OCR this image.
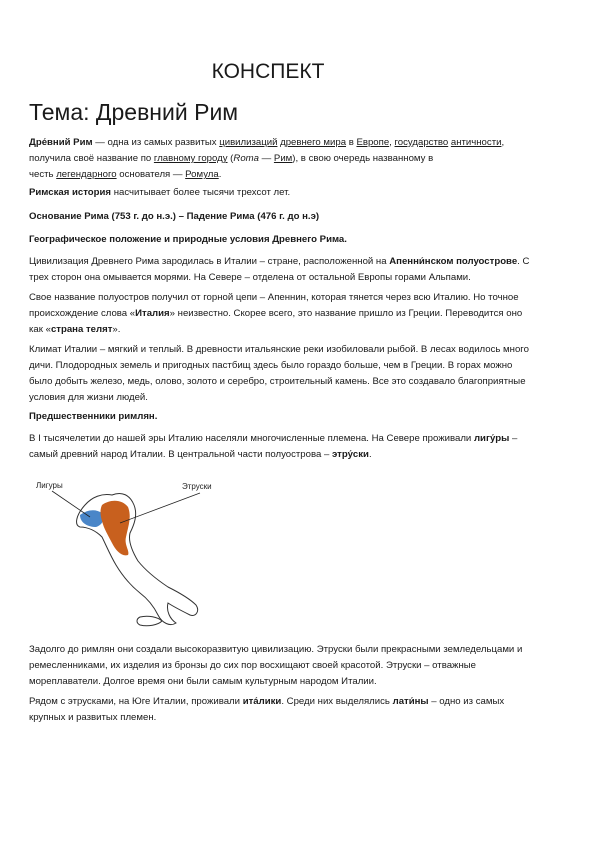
КОНСПЕКТ
Тема: Древний Рим
Дре́вний Рим — одна из самых развитых цивилизаций древнего мира в Европе, государство античности,
получила своё название по главному городу (Roma — Рим), в свою очередь названному в
честь легендарного основателя — Ромула.
Римская история насчитывает более тысячи трехсот лет.
Основание Рима (753 г. до н.э.) – Падение Рима (476 г. до н.э)
Географическое положение и природные условия Древнего Рима.
Цивилизация Древнего Рима зародилась в Италии – стране, расположенной на Апенни́нском полуострове. С
трех сторон она омывается морями. На Севере – отделена от остальной Европы горами Альпами.
Свое название полуостров получил от горной цепи – Апеннин, которая тянется через всю Италию. Но точное
происхождение слова «Италия» неизвестно. Скорее всего, это название пришло из Греции. Переводится оно
как «страна телят».
Климат Италии – мягкий и теплый. В древности итальянские реки изобиловали рыбой. В лесах водилось много
дичи. Плодородных земель и пригодных пастбищ здесь было гораздо больше, чем в Греции. В горах можно
было добыть железо, медь, олово, золото и серебро, строительный камень. Все это создавало благоприятные
условия для жизни людей.
Предшественники римлян.
В I тысячелетии до нашей эры Италию населяли многочисленные племена. На Севере проживали лигу́ры –
самый древний народ Италии. В центральной части полуострова – этру́ски.
Лигуры	Этруски
Задолго до римлян они создали высокоразвитую цивилизацию. Этруски были прекрасными земледельцами и
ремесленниками, их изделия из бронзы до сих пор восхищают своей красотой. Этруски – отважные
мореплаватели. Долгое время они были самым культурным народом Италии.
Рядом с этрусками, на Юге Италии, проживали ита́лики. Среди них выделялись лати́ны – одно из самых
крупных и развитых племен.
